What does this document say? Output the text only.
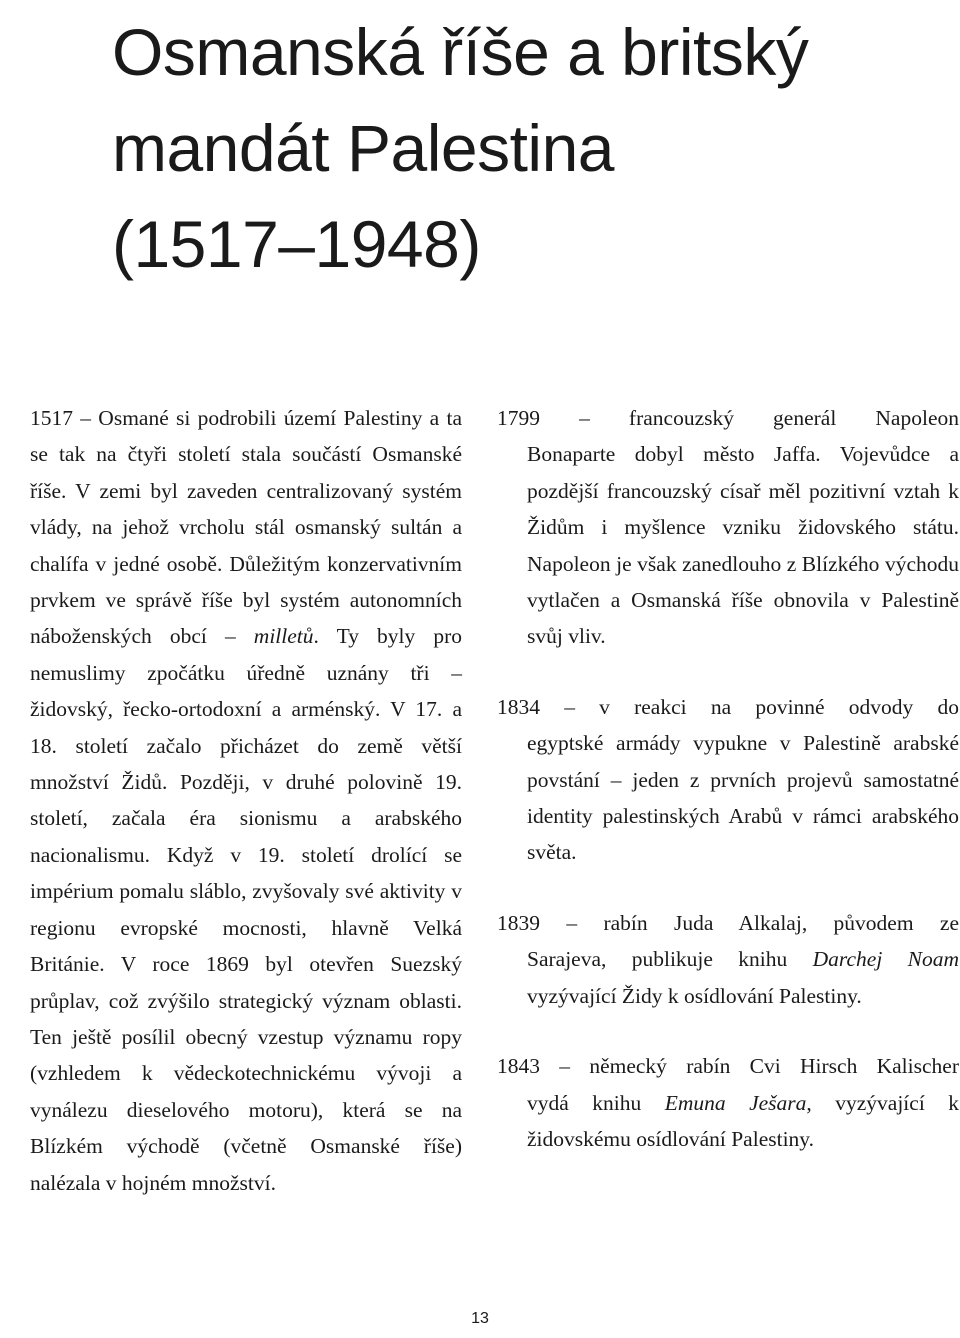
Osmanská říše a britský
mandát Palestina
(1517–1948)

1517 – Osmané si podrobili území Palestiny a ta se tak na čtyři století stala součástí Osmanské říše. V zemi byl zaveden centralizovaný systém vlády, na jehož vrcholu stál osmanský sultán a chalífa v jedné osobě. Důležitým konzervativním prvkem ve správě říše byl systém autonomních náboženských obcí – milletů. Ty byly pro nemuslimy zpočátku úředně uznány tři – židovský, řecko-ortodoxní a arménský. V 17. a 18. století začalo přicházet do země větší množství Židů. Později, v druhé polovině 19. století, začala éra sionismu a arabského nacionalismu. Když v 19. století drolící se impérium pomalu sláblo, zvyšovaly své aktivity v regionu evropské mocnosti, hlavně Velká Británie. V roce 1869 byl otevřen Suezský průplav, což zvýšilo strategický význam oblasti. Ten ještě posílil obecný vzestup významu ropy (vzhledem k vědeckotechnickému vývoji a vynálezu dieselového motoru), která se na Blízkém východě (včetně Osmanské říše) nalézala v hojném množství.

1799 – francouzský generál Napoleon
Bonaparte dobyl město Jaffa. Vojevůdce a pozdější francouzský císař měl pozitivní vztah k Židům i myšlence vzniku židovského státu. Napoleon je však zanedlouho z Blízkého východu vytlačen a Osmanská říše obnovila v Palestině svůj vliv.
1834 – v reakci na povinné odvody do
egyptské armády vypukne v Palestině arabské povstání – jeden z prvních projevů samostatné identity palestinských Arabů v rámci arabského světa.
1839 – rabín Juda Alkalaj, původem ze
Sarajeva, publikuje knihu Darchej Noam vyzývající Židy k osídlování Palestiny.
1843 – německý rabín Cvi Hirsch Kalischer
vydá knihu Emuna Ješara, vyzývající k židovskému osídlování Palestiny.
13
